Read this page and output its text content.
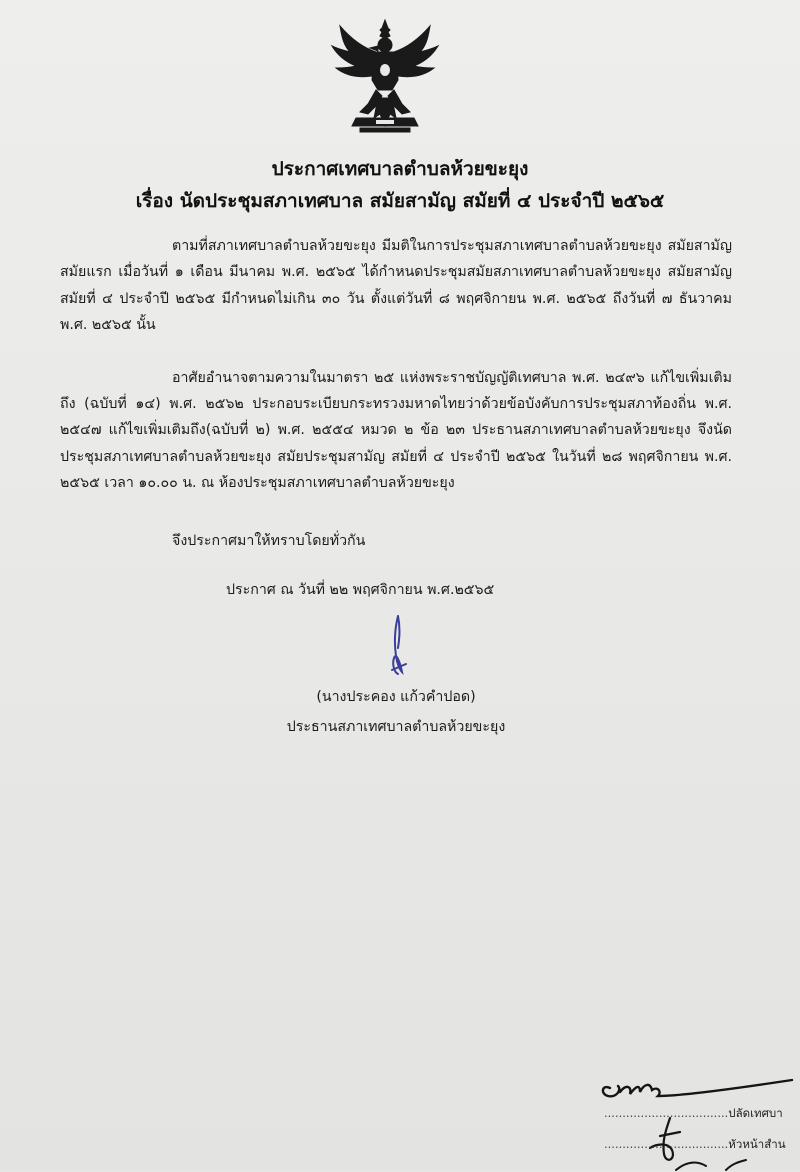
ประกาศเทศบาลตำบลห้วยขะยุง
เรื่อง นัดประชุมสภาเทศบาล สมัยสามัญ สมัยที่ ๔ ประจำปี ๒๕๖๕

ตามที่สภาเทศบาลตำบลห้วยขะยุง มีมติในการประชุมสภาเทศบาลตำบลห้วยขะยุง สมัยสามัญ สมัยแรก เมื่อวันที่ ๑ เดือน มีนาคม พ.ศ. ๒๕๖๕ ได้กำหนดประชุมสมัยสภาเทศบาลตำบลห้วยขะยุง สมัยสามัญ สมัยที่ ๔ ประจำปี ๒๕๖๕ มีกำหนดไม่เกิน ๓๐ วัน ตั้งแต่วันที่ ๘ พฤศจิกายน พ.ศ. ๒๕๖๕ ถึงวันที่ ๗ ธันวาคม พ.ศ. ๒๕๖๕ นั้น

อาศัยอำนาจตามความในมาตรา ๒๕ แห่งพระราชบัญญัติเทศบาล พ.ศ. ๒๔๙๖ แก้ไขเพิ่มเติมถึง (ฉบับที่ ๑๔) พ.ศ. ๒๕๖๒ ประกอบระเบียบกระทรวงมหาดไทยว่าด้วยข้อบังคับการประชุมสภาท้องถิ่น พ.ศ. ๒๕๔๗ แก้ไขเพิ่มเติมถึง(ฉบับที่ ๒) พ.ศ. ๒๕๕๔ หมวด ๒ ข้อ ๒๓ ประธานสภาเทศบาลตำบลห้วยขะยุง จึงนัดประชุมสภาเทศบาลตำบลห้วยขะยุง สมัยประชุมสามัญ สมัยที่ ๔ ประจำปี ๒๕๖๕ ในวันที่ ๒๘ พฤศจิกายน พ.ศ. ๒๕๖๕ เวลา ๑๐.๐๐ น. ณ ห้องประชุมสภาเทศบาลตำบลห้วยขะยุง

จึงประกาศมาให้ทราบโดยทั่วกัน
ประกาศ ณ วันที่ ๒๒ พฤศจิกายน พ.ศ.๒๕๖๕
(นางประคอง แก้วคำปอด)
ประธานสภาเทศบาลตำบลห้วยขะยุง
..................................ปลัดเทศบา
..................................หัวหน้าสำน
